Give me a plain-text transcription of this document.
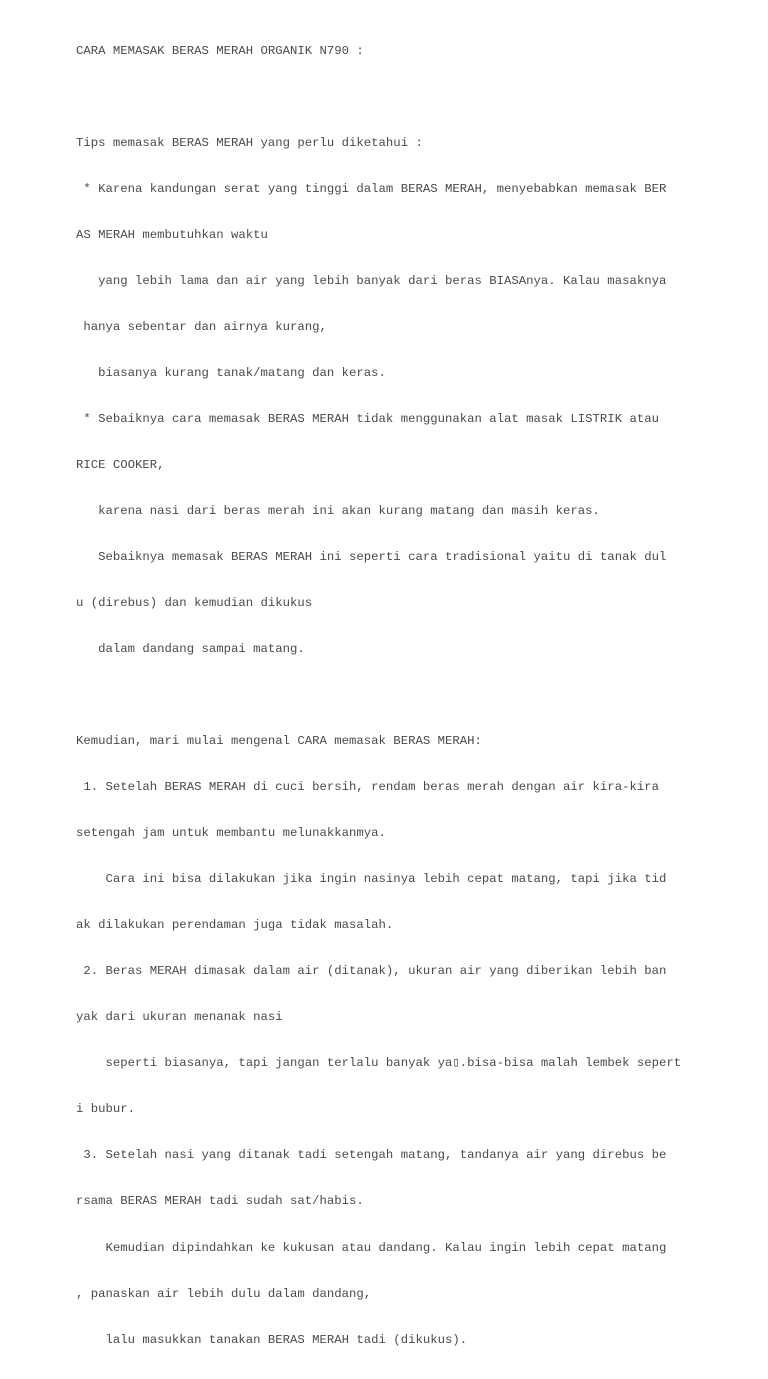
CARA MEMASAK BERAS MERAH ORGANIK N790 :

Tips memasak BERAS MERAH yang perlu diketahui :

* Karena kandungan serat yang tinggi dalam BERAS MERAH, menyebabkan memasak BER

AS MERAH membutuhkan waktu

yang lebih lama dan air yang lebih banyak dari beras BIASAnya. Kalau masaknya

hanya sebentar dan airnya kurang,

biasanya kurang tanak/matang dan keras.

* Sebaiknya cara memasak BERAS MERAH tidak menggunakan alat masak LISTRIK atau

RICE COOKER,

karena nasi dari beras merah ini akan kurang matang dan masih keras.

Sebaiknya memasak BERAS MERAH ini seperti cara tradisional yaitu di tanak dul

u (direbus) dan kemudian dikukus

dalam dandang sampai matang.

Kemudian, mari mulai mengenal CARA memasak BERAS MERAH:

1. Setelah BERAS MERAH di cuci bersih, rendam beras merah dengan air kira-kira

setengah jam untuk membantu melunakkanmya.

Cara ini bisa dilakukan jika ingin nasinya lebih cepat matang, tapi jika tid

ak dilakukan perendaman juga tidak masalah.

2. Beras MERAH dimasak dalam air (ditanak), ukuran air yang diberikan lebih ban

yak dari ukuran menanak nasi

seperti biasanya, tapi jangan terlalu banyak ya▯.bisa-bisa malah lembek sepert

i bubur.

3. Setelah nasi yang ditanak tadi setengah matang, tandanya air yang direbus be

rsama BERAS MERAH tadi sudah sat/habis.

Kemudian dipindahkan ke kukusan atau dandang. Kalau ingin lebih cepat matang

, panaskan air lebih dulu dalam dandang,

lalu masukkan tanakan BERAS MERAH tadi (dikukus).
